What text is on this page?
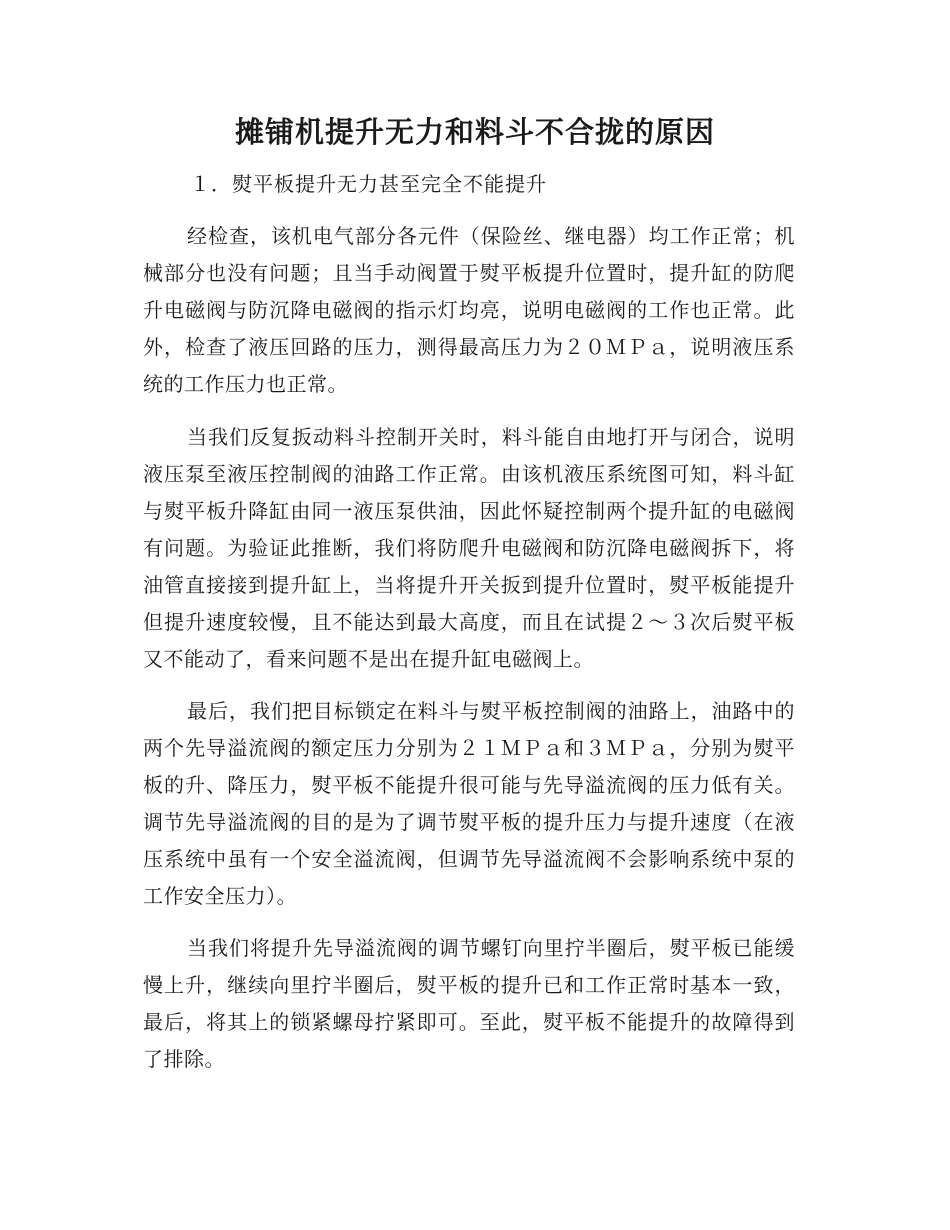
摊铺机提升无力和料斗不合拢的原因

１．熨平板提升无力甚至完全不能提升

经检查，该机电气部分各元件（保险丝、继电器）均工作正常；机械部分也没有问题；且当手动阀置于熨平板提升位置时，提升缸的防爬升电磁阀与防沉降电磁阀的指示灯均亮，说明电磁阀的工作也正常。此外，检查了液压回路的压力，测得最高压力为２０ＭＰａ，说明液压系统的工作压力也正常。

当我们反复扳动料斗控制开关时，料斗能自由地打开与闭合，说明液压泵至液压控制阀的油路工作正常。由该机液压系统图可知，料斗缸与熨平板升降缸由同一液压泵供油，因此怀疑控制两个提升缸的电磁阀有问题。为验证此推断，我们将防爬升电磁阀和防沉降电磁阀拆下，将油管直接接到提升缸上，当将提升开关扳到提升位置时，熨平板能提升但提升速度较慢，且不能达到最大高度，而且在试提２～３次后熨平板又不能动了，看来问题不是出在提升缸电磁阀上。

最后，我们把目标锁定在料斗与熨平板控制阀的油路上，油路中的两个先导溢流阀的额定压力分别为２１ＭＰａ和３ＭＰａ，分别为熨平板的升、降压力，熨平板不能提升很可能与先导溢流阀的压力低有关。调节先导溢流阀的目的是为了调节熨平板的提升压力与提升速度（在液压系统中虽有一个安全溢流阀，但调节先导溢流阀不会影响系统中泵的工作安全压力）。

当我们将提升先导溢流阀的调节螺钉向里拧半圈后，熨平板已能缓慢上升，继续向里拧半圈后，熨平板的提升已和工作正常时基本一致，最后，将其上的锁紧螺母拧紧即可。至此，熨平板不能提升的故障得到了排除。
